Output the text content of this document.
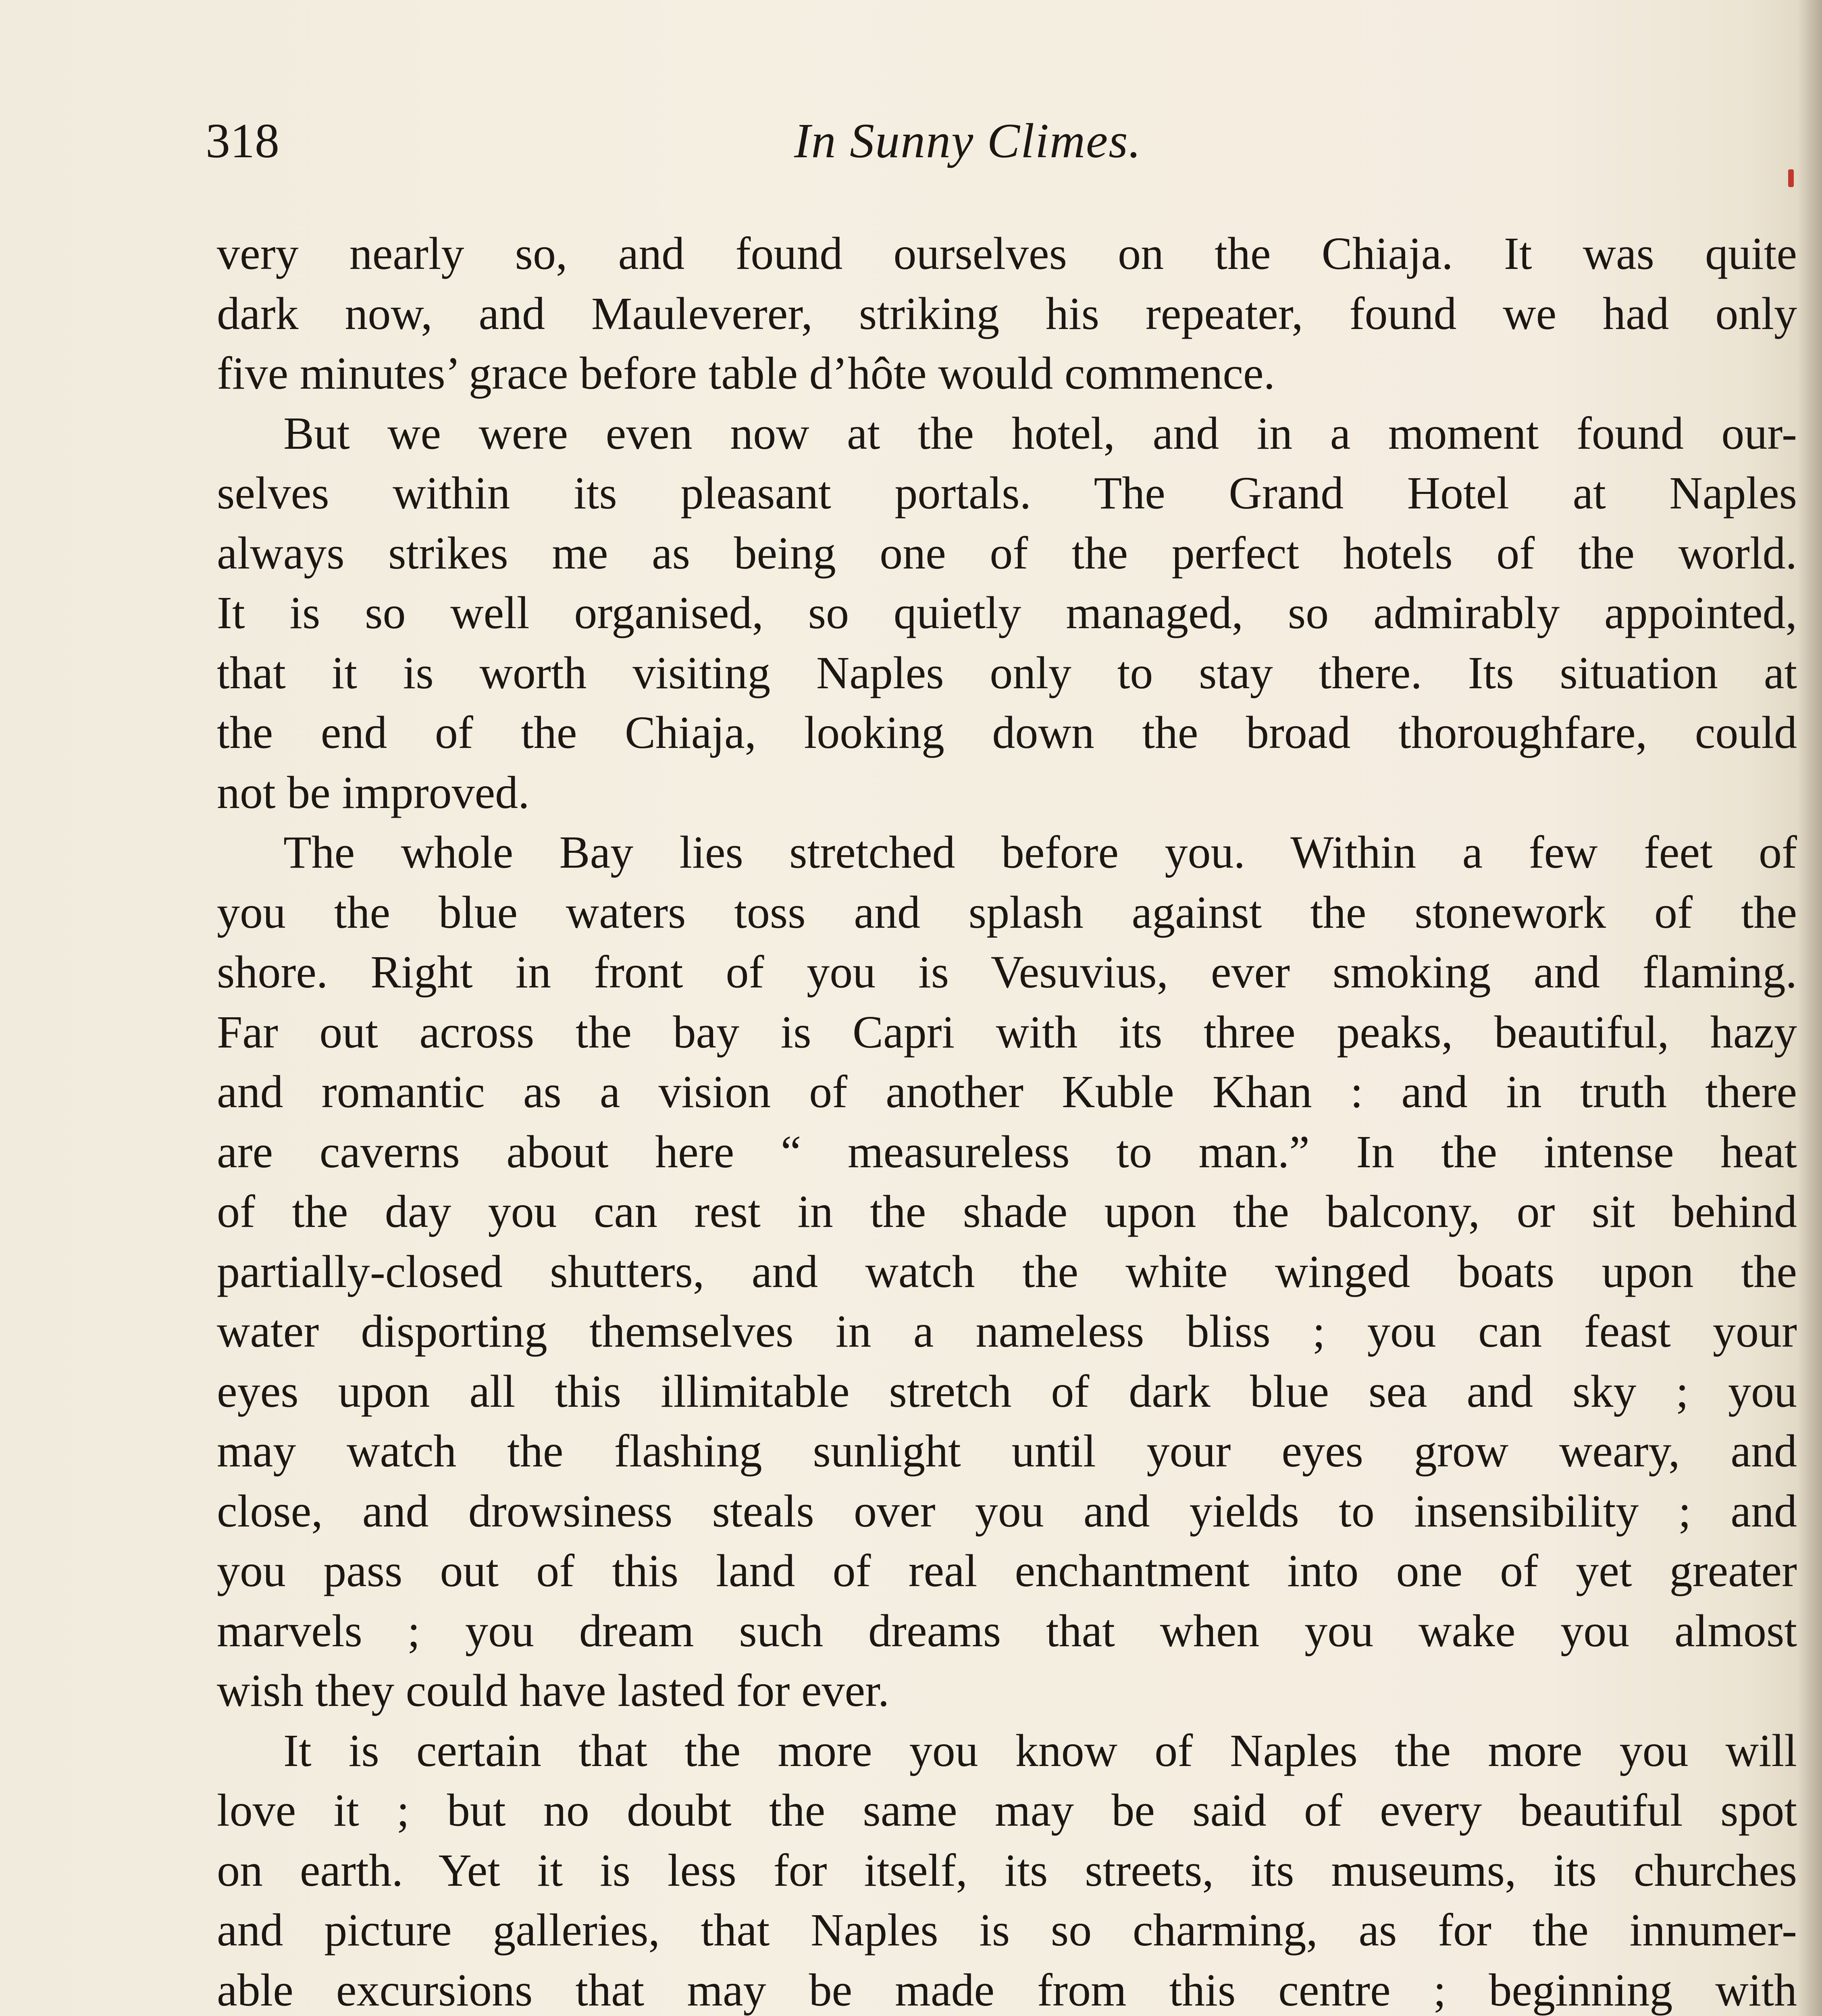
318	In Sunny Climes.
very nearly so, and found ourselves on the Chiaja. It was quite
dark now, and Mauleverer, striking his repeater, found we had only
five minutes’ grace before table d’hôte would commence.
But we were even now at the hotel, and in a moment found our-
selves within its pleasant portals. The Grand Hotel at Naples
always strikes me as being one of the perfect hotels of the world.
It is so well organised, so quietly managed, so admirably appointed,
that it is worth visiting Naples only to stay there. Its situation at
the end of the Chiaja, looking down the broad thoroughfare, could
not be improved.
The whole Bay lies stretched before you. Within a few feet of
you the blue waters toss and splash against the stonework of the
shore. Right in front of you is Vesuvius, ever smoking and flaming.
Far out across the bay is Capri with its three peaks, beautiful, hazy
and romantic as a vision of another Kuble Khan : and in truth there
are caverns about here “ measureless to man.” In the intense heat
of the day you can rest in the shade upon the balcony, or sit behind
partially-closed shutters, and watch the white winged boats upon the
water disporting themselves in a nameless bliss ; you can feast your
eyes upon all this illimitable stretch of dark blue sea and sky ; you
may watch the flashing sunlight until your eyes grow weary, and
close, and drowsiness steals over you and yields to insensibility ; and
you pass out of this land of real enchantment into one of yet greater
marvels ; you dream such dreams that when you wake you almost
wish they could have lasted for ever.
It is certain that the more you know of Naples the more you will
love it ; but no doubt the same may be said of every beautiful spot
on earth. Yet it is less for itself, its streets, its museums, its churches
and picture galleries, that Naples is so charming, as for the innumer-
able excursions that may be made from this centre ; beginning with
